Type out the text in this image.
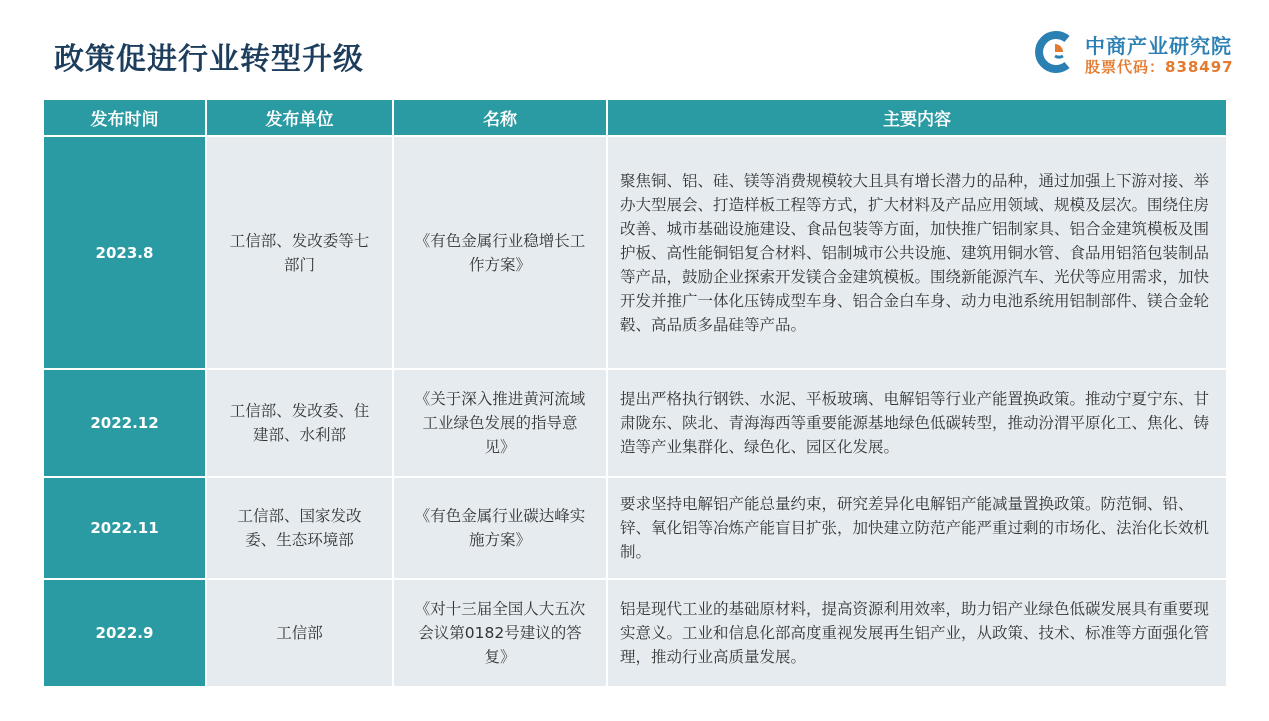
政策促进行业转型升级	中商产业研究院
股票代码：838497
发布时间	发布单位	名称	主要内容
2023.8	工信部、发改委等七部门	《有色金属行业稳增长工作方案》	聚焦铜、铝、硅、镁等消费规模较大且具有增长潜力的品种，通过加强上下游对接、举办大型展会、打造样板工程等方式，扩大材料及产品应用领域、规模及层次。围绕住房改善、城市基础设施建设、食品包装等方面，加快推广铝制家具、铝合金建筑模板及围护板、高性能铜铝复合材料、铝制城市公共设施、建筑用铜水管、食品用铝箔包装制品等产品，鼓励企业探索开发镁合金建筑模板。围绕新能源汽车、光伏等应用需求，加快开发并推广一体化压铸成型车身、铝合金白车身、动力电池系统用铝制部件、镁合金轮毂、高品质多晶硅等产品。
2022.12	工信部、发改委、住建部、水利部	《关于深入推进黄河流域工业绿色发展的指导意见》	提出严格执行钢铁、水泥、平板玻璃、电解铝等行业产能置换政策。推动宁夏宁东、甘肃陇东、陕北、青海海西等重要能源基地绿色低碳转型，推动汾渭平原化工、焦化、铸造等产业集群化、绿色化、园区化发展。
2022.11	工信部、国家发改委、生态环境部	《有色金属行业碳达峰实施方案》	要求坚持电解铝产能总量约束，研究差异化电解铝产能减量置换政策。防范铜、铅、锌、氧化铝等冶炼产能盲目扩张，加快建立防范产能严重过剩的市场化、法治化长效机制。
2022.9	工信部	《对十三届全国人大五次会议第0182号建议的答复》	铝是现代工业的基础原材料，提高资源利用效率，助力铝产业绿色低碳发展具有重要现实意义。工业和信息化部高度重视发展再生铝产业，从政策、技术、标准等方面强化管理，推动行业高质量发展。
